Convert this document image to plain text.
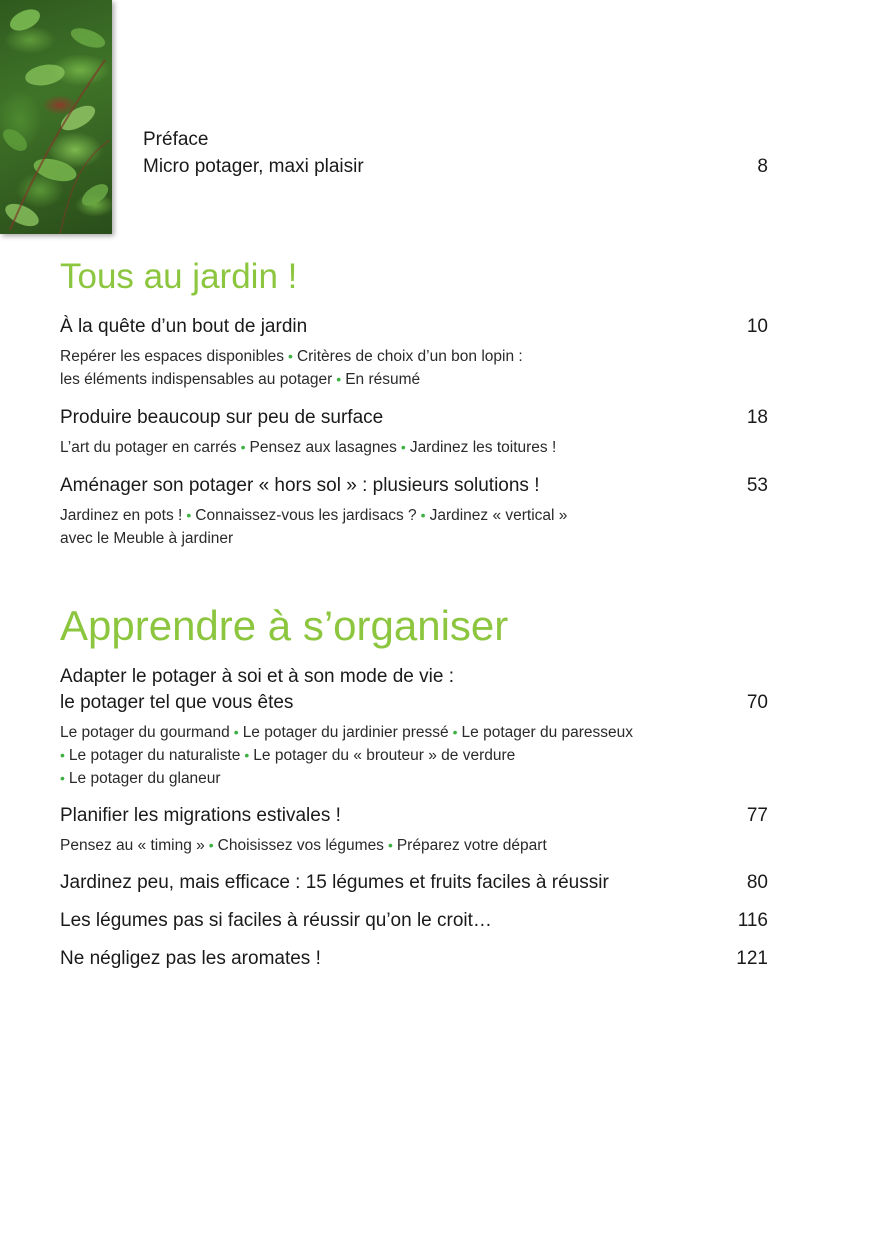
Préface
Micro potager, maxi plaisir	8
Tous au jardin !
À la quête d’un bout de jardin	10
Repérer les espaces disponibles • Critères de choix d’un bon lopin :
les éléments indispensables au potager • En résumé
Produire beaucoup sur peu de surface	18
L’art du potager en carrés • Pensez aux lasagnes • Jardinez les toitures !
Aménager son potager « hors sol » : plusieurs solutions !	53
Jardinez en pots ! • Connaissez-vous les jardisacs ? • Jardinez « vertical »
avec le Meuble à jardiner
Apprendre à s’organiser
Adapter le potager à soi et à son mode de vie :
le potager tel que vous êtes	70
Le potager du gourmand • Le potager du jardinier pressé • Le potager du paresseux
• Le potager du naturaliste • Le potager du « brouteur » de verdure
• Le potager du glaneur
Planifier les migrations estivales !	77
Pensez au « timing » • Choisissez vos légumes • Préparez votre départ
Jardinez peu, mais efficace : 15 légumes et fruits faciles à réussir	80
Les légumes pas si faciles à réussir qu’on le croit…	116
Ne négligez pas les aromates !	121
